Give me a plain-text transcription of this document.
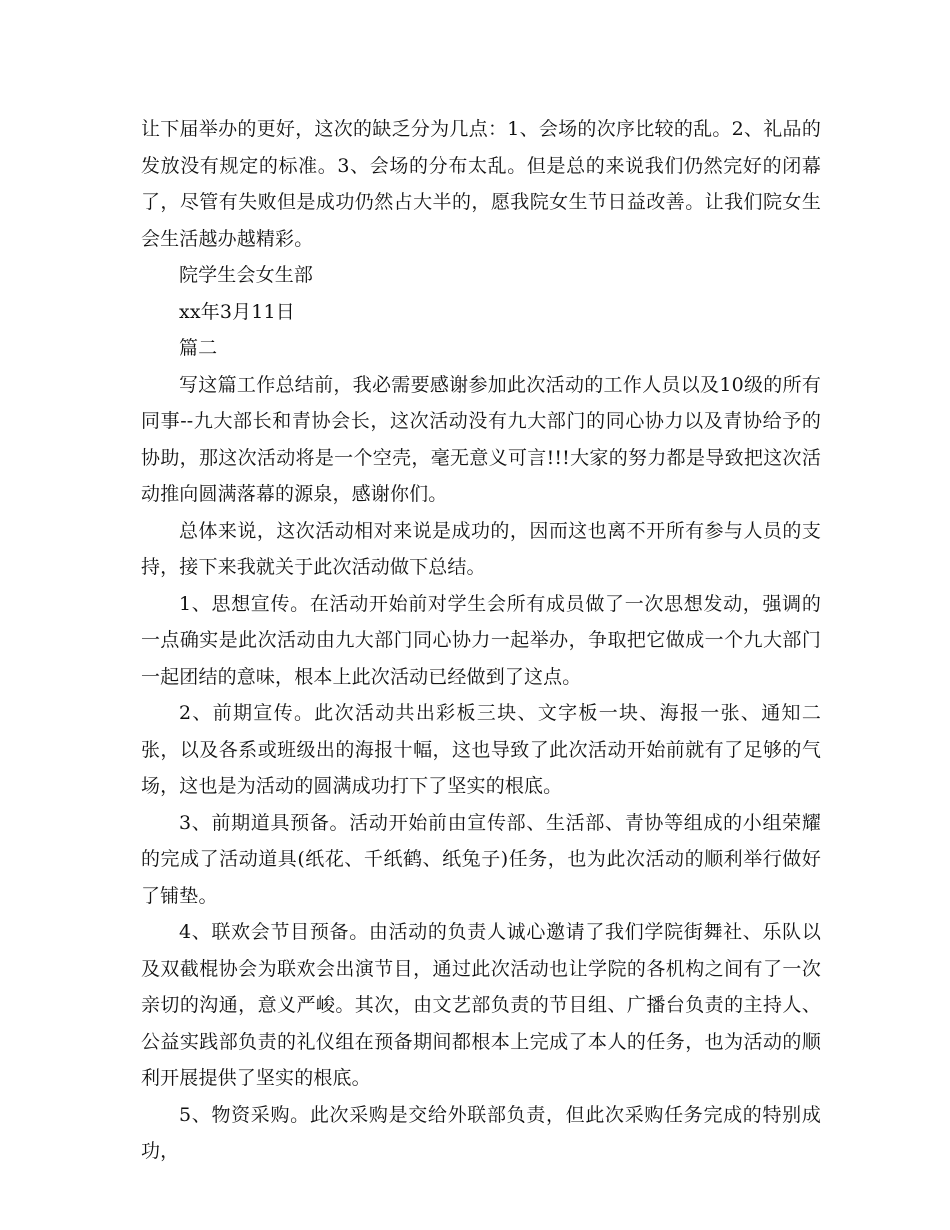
让下届举办的更好，这次的缺乏分为几点：1、会场的次序比较的乱。2、礼品的发放没有规定的标准。3、会场的分布太乱。但是总的来说我们仍然完好的闭幕了，尽管有失败但是成功仍然占大半的，愿我院女生节日益改善。让我们院女生会生活越办越精彩。

院学生会女生部

xx年3月11日

篇二

写这篇工作总结前，我必需要感谢参加此次活动的工作人员以及10级的所有同事--九大部长和青协会长，这次活动没有九大部门的同心协力以及青协给予的协助，那这次活动将是一个空壳，毫无意义可言!!!大家的努力都是导致把这次活动推向圆满落幕的源泉，感谢你们。

总体来说，这次活动相对来说是成功的，因而这也离不开所有参与人员的支持，接下来我就关于此次活动做下总结。

1、思想宣传。在活动开始前对学生会所有成员做了一次思想发动，强调的一点确实是此次活动由九大部门同心协力一起举办，争取把它做成一个九大部门一起团结的意味，根本上此次活动已经做到了这点。

2、前期宣传。此次活动共出彩板三块、文字板一块、海报一张、通知二张，以及各系或班级出的海报十幅，这也导致了此次活动开始前就有了足够的气场，这也是为活动的圆满成功打下了坚实的根底。

3、前期道具预备。活动开始前由宣传部、生活部、青协等组成的小组荣耀的完成了活动道具(纸花、千纸鹤、纸兔子)任务，也为此次活动的顺利举行做好了铺垫。

4、联欢会节目预备。由活动的负责人诚心邀请了我们学院街舞社、乐队以及双截棍协会为联欢会出演节目，通过此次活动也让学院的各机构之间有了一次亲切的沟通，意义严峻。其次，由文艺部负责的节目组、广播台负责的主持人、公益实践部负责的礼仪组在预备期间都根本上完成了本人的任务，也为活动的顺利开展提供了坚实的根底。

5、物资采购。此次采购是交给外联部负责，但此次采购任务完成的特别成功，
